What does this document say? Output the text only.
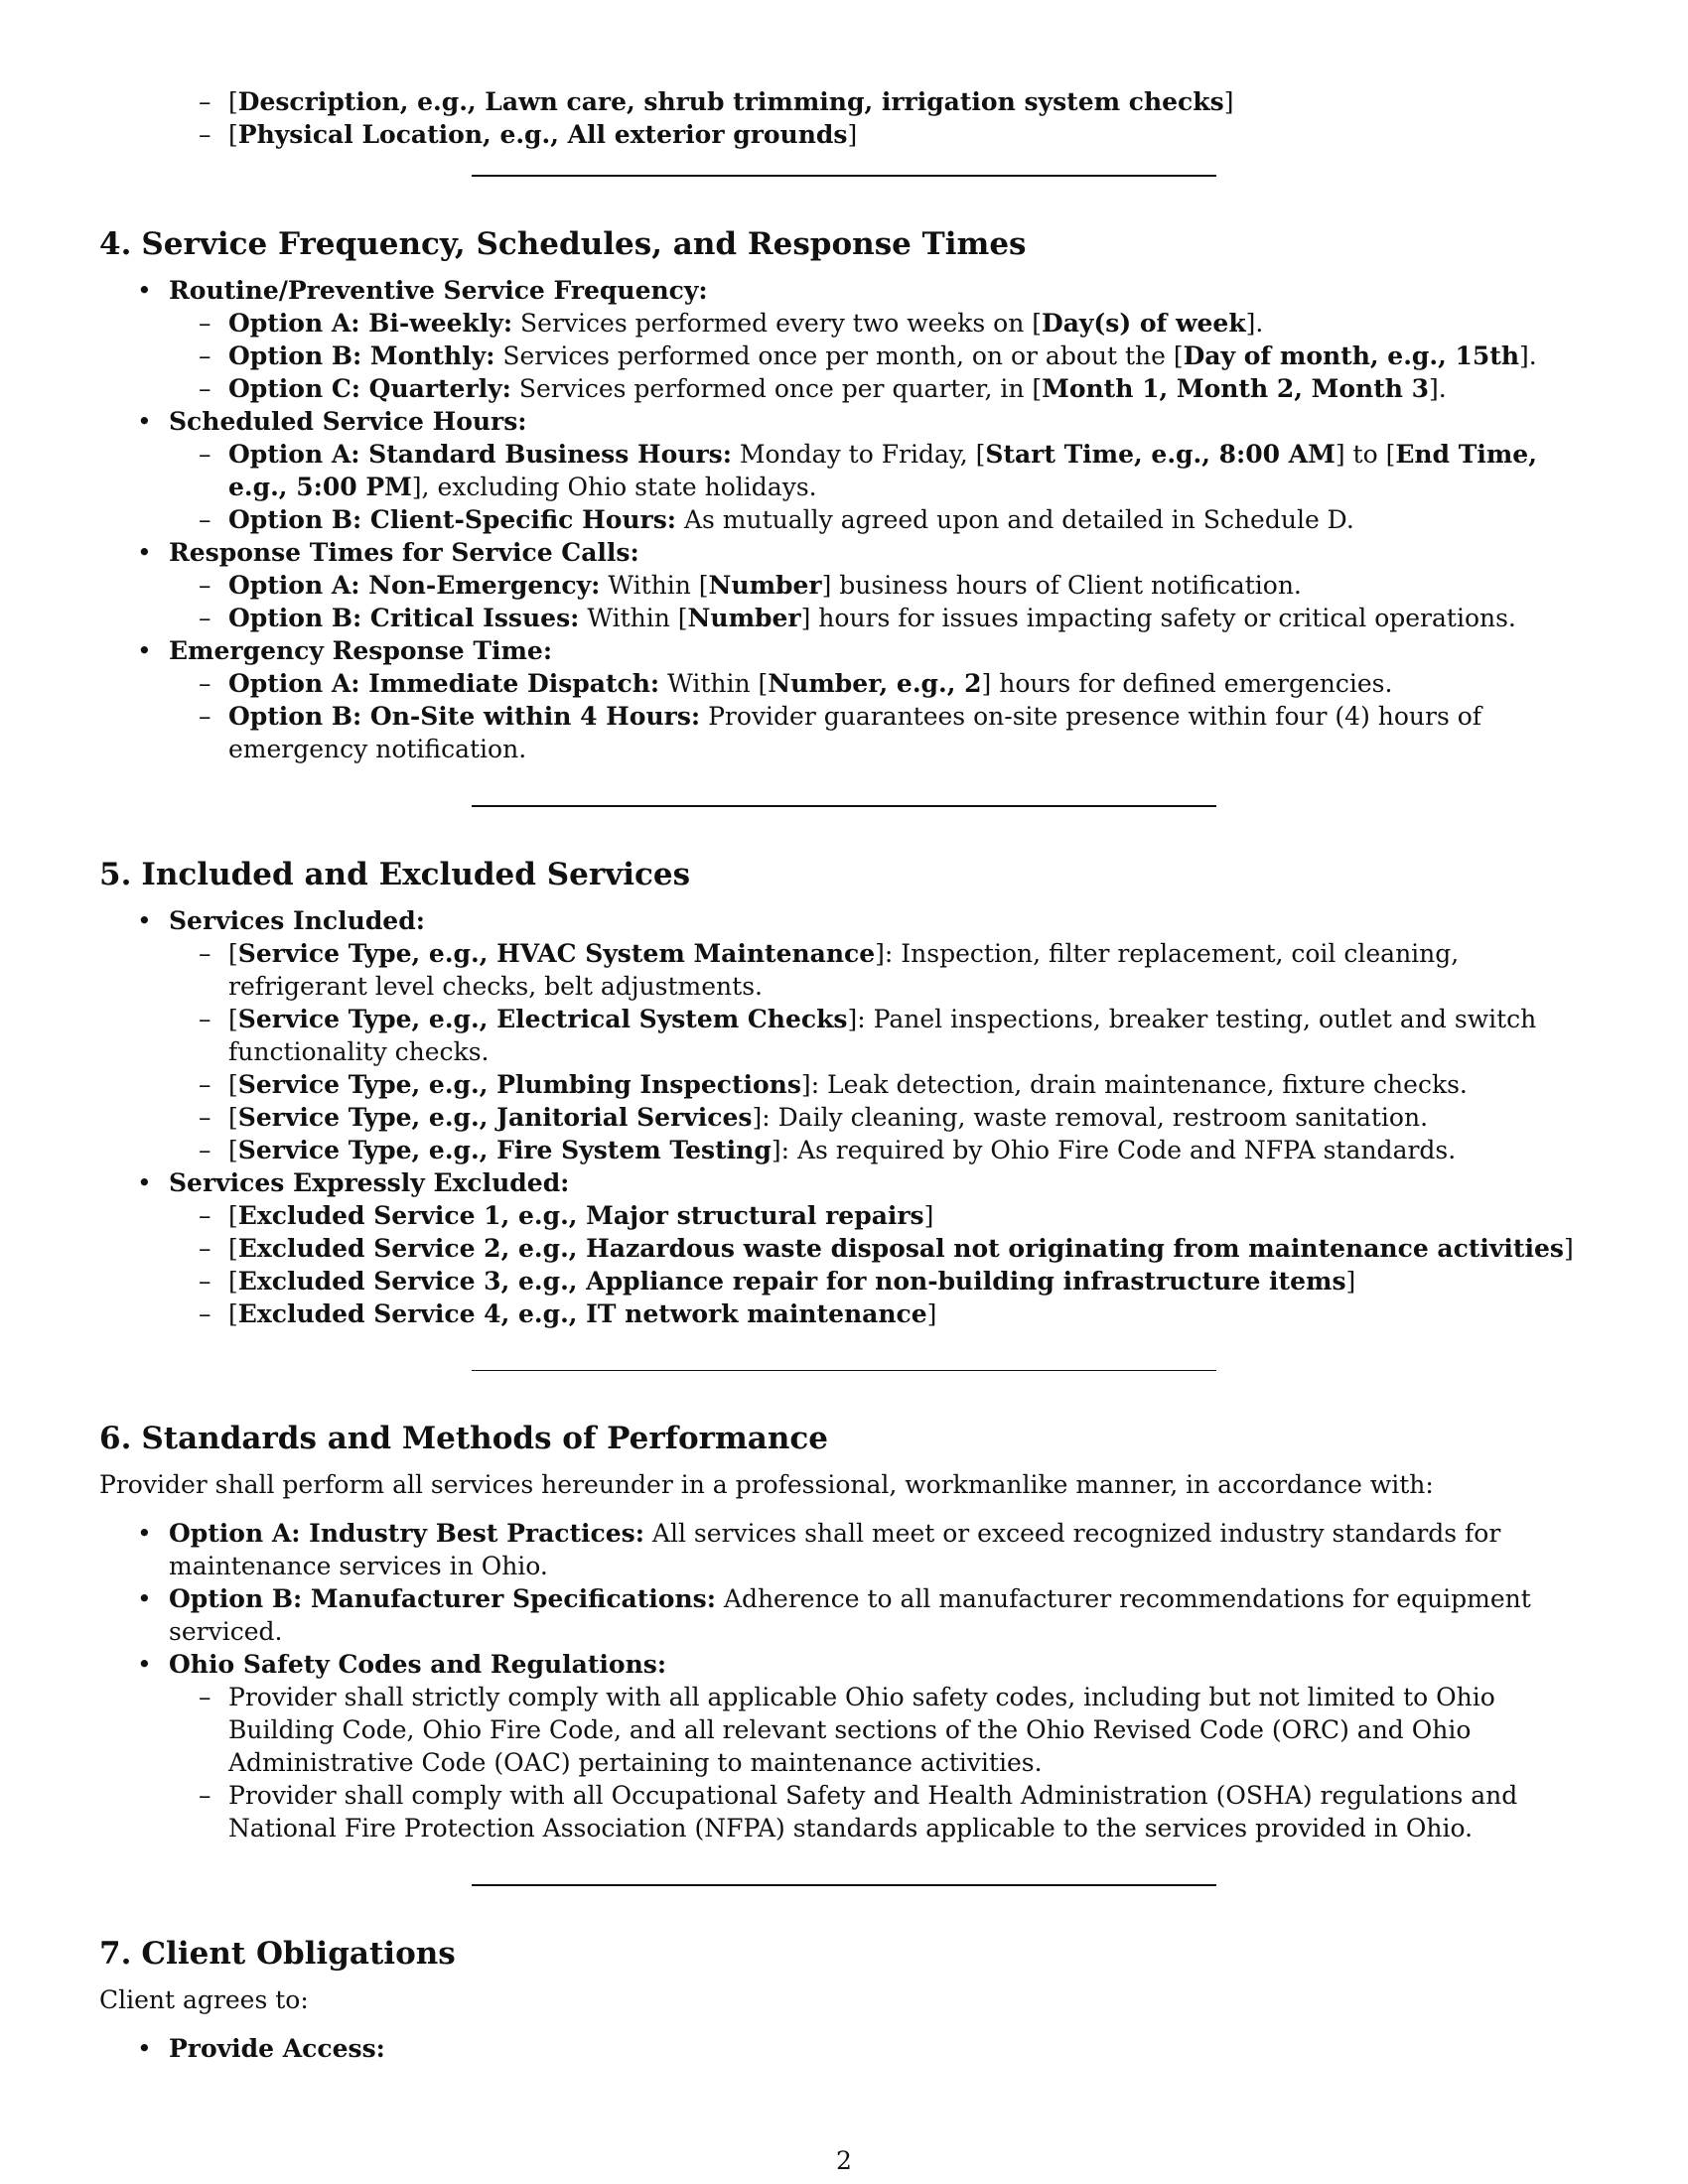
– [Description, e.g., Lawn care, shrub trimming, irrigation system checks]
– [Physical Location, e.g., All exterior grounds]
4. Service Frequency, Schedules, and Response Times
• Routine/Preventive Service Frequency:
– Option A: Bi-weekly: Services performed every two weeks on [Day(s) of week].
– Option B: Monthly: Services performed once per month, on or about the [Day of month, e.g., 15th].
– Option C: Quarterly: Services performed once per quarter, in [Month 1, Month 2, Month 3].
• Scheduled Service Hours:
– Option A: Standard Business Hours: Monday to Friday, [Start Time, e.g., 8:00 AM] to [End Time, e.g., 5:00 PM], excluding Ohio state holidays.
– Option B: Client-Specific Hours: As mutually agreed upon and detailed in Schedule D.
• Response Times for Service Calls:
– Option A: Non-Emergency: Within [Number] business hours of Client notification.
– Option B: Critical Issues: Within [Number] hours for issues impacting safety or critical operations.
• Emergency Response Time:
– Option A: Immediate Dispatch: Within [Number, e.g., 2] hours for defined emergencies.
– Option B: On-Site within 4 Hours: Provider guarantees on-site presence within four (4) hours of emergency notification.
5. Included and Excluded Services
• Services Included:
– [Service Type, e.g., HVAC System Maintenance]: Inspection, filter replacement, coil cleaning, refrigerant level checks, belt adjustments.
– [Service Type, e.g., Electrical System Checks]: Panel inspections, breaker testing, outlet and switch functionality checks.
– [Service Type, e.g., Plumbing Inspections]: Leak detection, drain maintenance, fixture checks.
– [Service Type, e.g., Janitorial Services]: Daily cleaning, waste removal, restroom sanitation.
– [Service Type, e.g., Fire System Testing]: As required by Ohio Fire Code and NFPA standards.
• Services Expressly Excluded:
– [Excluded Service 1, e.g., Major structural repairs]
– [Excluded Service 2, e.g., Hazardous waste disposal not originating from maintenance activities]
– [Excluded Service 3, e.g., Appliance repair for non-building infrastructure items]
– [Excluded Service 4, e.g., IT network maintenance]
6. Standards and Methods of Performance

Provider shall perform all services hereunder in a professional, workmanlike manner, in accordance with:

• Option A: Industry Best Practices: All services shall meet or exceed recognized industry standards for maintenance services in Ohio.
• Option B: Manufacturer Specifications: Adherence to all manufacturer recommendations for equipment serviced.
• Ohio Safety Codes and Regulations:
– Provider shall strictly comply with all applicable Ohio safety codes, including but not limited to Ohio Building Code, Ohio Fire Code, and all relevant sections of the Ohio Revised Code (ORC) and Ohio Administrative Code (OAC) pertaining to maintenance activities.
– Provider shall comply with all Occupational Safety and Health Administration (OSHA) regulations and National Fire Protection Association (NFPA) standards applicable to the services provided in Ohio.
7. Client Obligations

Client agrees to:

• Provide Access:
2
